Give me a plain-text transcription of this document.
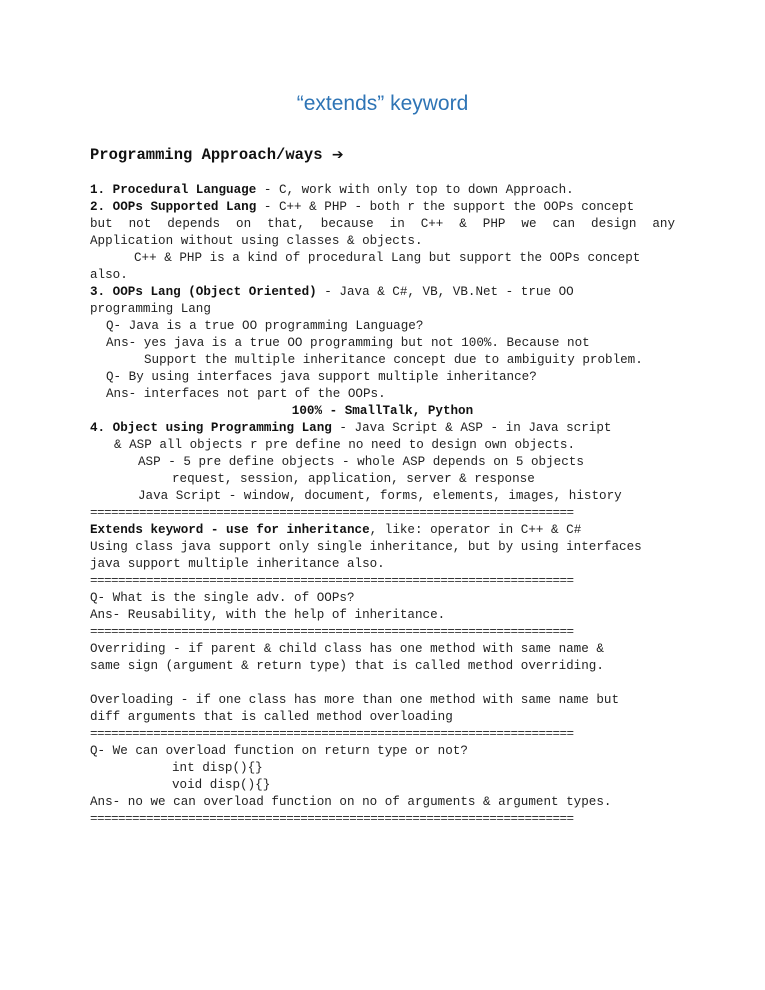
“extends” keyword
Programming Approach/ways ➔
1. Procedural Language - C, work with only top to down Approach.
2. OOPs Supported Lang - C++ & PHP - both r the support the OOPs concept
but not depends on that, because in C++ & PHP we can design any
Application without using classes & objects.
C++ & PHP is a kind of procedural Lang but support the OOPs concept
also.
3. OOPs Lang (Object Oriented) - Java & C#, VB, VB.Net - true OO
programming Lang
Q- Java is a true OO programming Language?
Ans- yes java is a true OO programming but not 100%. Because not
Support the multiple inheritance concept due to ambiguity problem.
Q- By using interfaces java support multiple inheritance?
Ans- interfaces not part of the OOPs.
100% - SmallTalk, Python
4. Object using Programming Lang - Java Script & ASP - in Java script
& ASP all objects r pre define no need to design own objects.
ASP - 5 pre define objects - whole ASP depends on 5 objects
request, session, application, server & response
Java Script - window, document, forms, elements, images, history
=====================================================================
Extends keyword - use for inheritance, like: operator in C++ & C#
Using class java support only single inheritance, but by using interfaces
java support multiple inheritance also.
=====================================================================
Q- What is the single adv. of OOPs?
Ans- Reusability, with the help of inheritance.
=====================================================================
Overriding - if parent & child class has one method with same name &
same sign (argument & return type) that is called method overriding.
Overloading - if one class has more than one method with same name but
diff arguments that is called method overloading
=====================================================================
Q- We can overload function on return type or not?
int disp(){}
void disp(){}
Ans- no we can overload function on no of arguments & argument types.
=====================================================================
